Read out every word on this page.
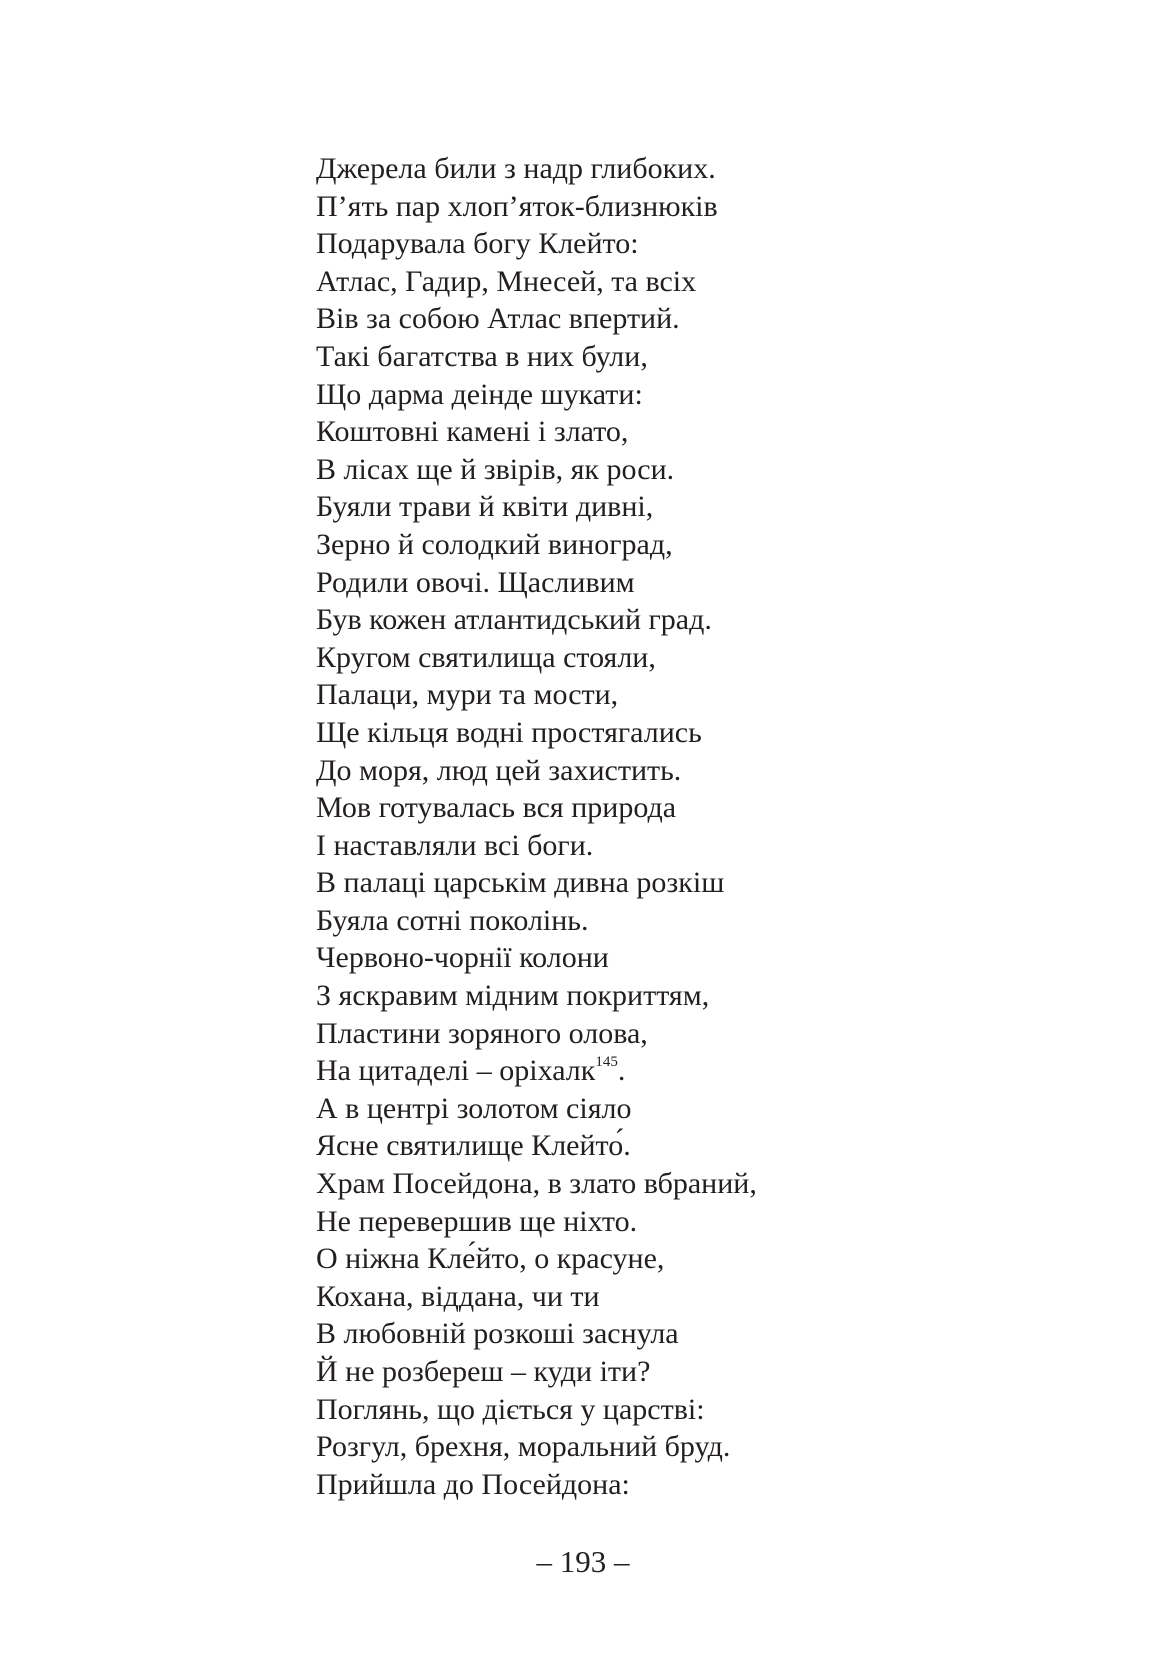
Джерела били з надр глибоких.
П’ять пар хлоп’яток-близнюків
Подарувала богу Клейто:
Атлас, Гадир, Мнесей, та всіх
Вів за собою Атлас впертий.
Такі багатства в них були,
Що дарма деінде шукати:
Коштовні камені і злато,
В лісах ще й звірів, як роси.
Буяли трави й квіти дивні,
Зерно й солодкий виноград,
Родили овочі. Щасливим
Був кожен атлантидський град.
Кругом святилища стояли,
Палаци, мури та мости,
Ще кільця водні простягались
До моря, люд цей захистить.
Мов готувалась вся природа
І наставляли всі боги.
В палаці царськім дивна розкіш
Буяла сотні поколінь.
Червоно-чорнії колони
З яскравим мідним покриттям,
Пластини зоряного олова,
На цитаделі – оріхалк$^{145}$.
А в центрі золотом сіяло
Ясне святилище Клейто́.
Храм Посейдона, в злато вбраний,
Не перевершив ще ніхто.
О ніжна Кле́йто, о красуне,
Кохана, віддана, чи ти
В любовній розкоші заснула
Й не розбереш – куди іти?
Поглянь, що діється у царстві:
Розгул, брехня, моральний бруд.
Прийшла до Посейдона:
– 193 –
